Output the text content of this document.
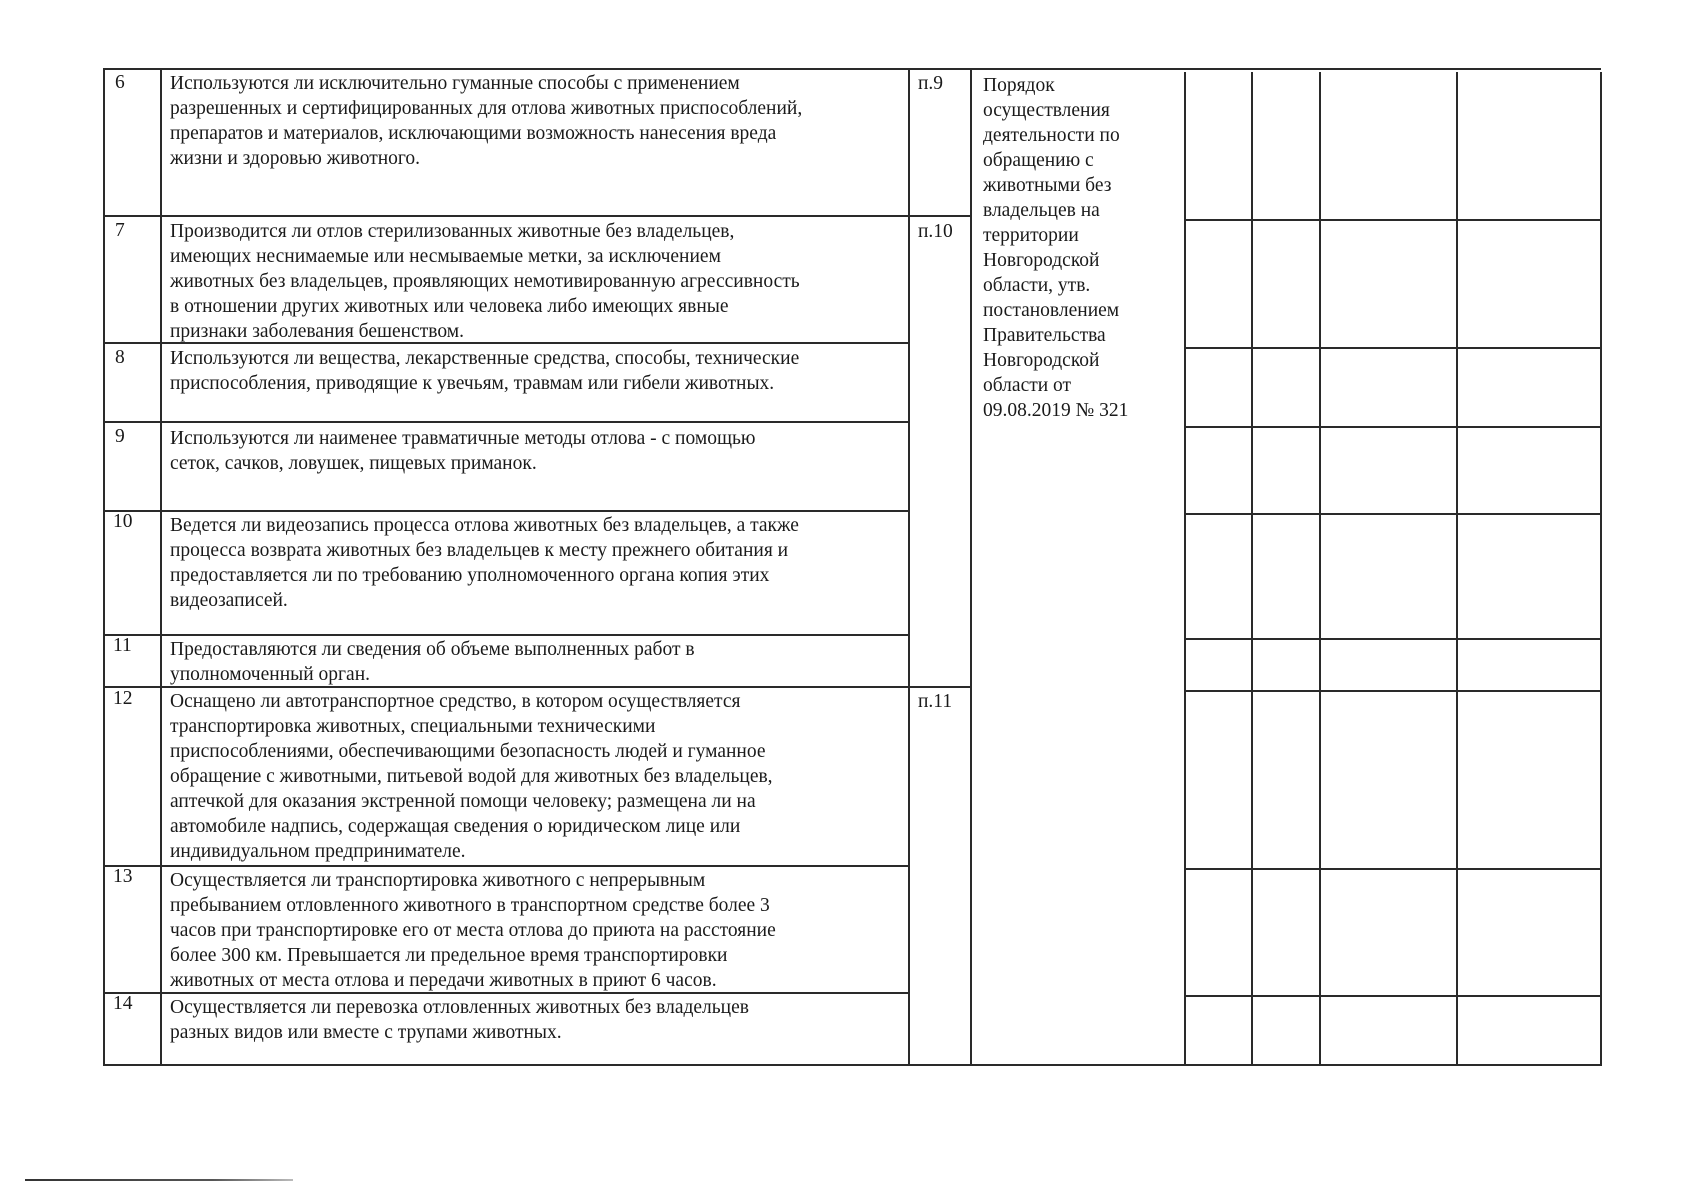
6
7
8
9
10
11
12
13
14
Используются ли исключительно гуманные способы с применением
разрешенных и сертифицированных для отлова животных приспособлений,
препаратов и материалов, исключающими возможность нанесения вреда
жизни и здоровью животного.
Производится ли отлов стерилизованных животные без владельцев,
имеющих неснимаемые или несмываемые метки, за исключением
животных без владельцев, проявляющих немотивированную агрессивность
в отношении других животных или человека либо имеющих явные
признаки заболевания бешенством.
Используются ли вещества, лекарственные средства, способы, технические
приспособления, приводящие к увечьям, травмам или гибели животных.
Используются ли наименее травматичные методы отлова - с помощью
сеток, сачков, ловушек, пищевых приманок.
Ведется ли видеозапись процесса отлова животных без владельцев, а также
процесса возврата животных без владельцев к месту прежнего обитания и
предоставляется ли по требованию уполномоченного органа копия этих
видеозаписей.
Предоставляются ли сведения об объеме выполненных работ в
уполномоченный орган.
Оснащено ли автотранспортное средство, в котором осуществляется
транспортировка животных, специальными техническими
приспособлениями, обеспечивающими безопасность людей и гуманное
обращение с животными, питьевой водой для животных без владельцев,
аптечкой для оказания экстренной помощи человеку; размещена ли на
автомобиле надпись, содержащая сведения о юридическом лице или
индивидуальном предпринимателе.
Осуществляется ли транспортировка животного с непрерывным
пребыванием отловленного животного в транспортном средстве более 3
часов при транспортировке его от места отлова до приюта на расстояние
более 300 км. Превышается ли предельное время транспортировки
животных от места отлова и передачи животных в приют 6 часов.
Осуществляется ли перевозка отловленных животных без владельцев
разных видов или вместе с трупами животных.
п.9
п.10
п.11
Порядок
осуществления
деятельности по
обращению с
животными без
владельцев на
территории
Новгородской
области, утв.
постановлением
Правительства
Новгородской
области от
09.08.2019 № 321
